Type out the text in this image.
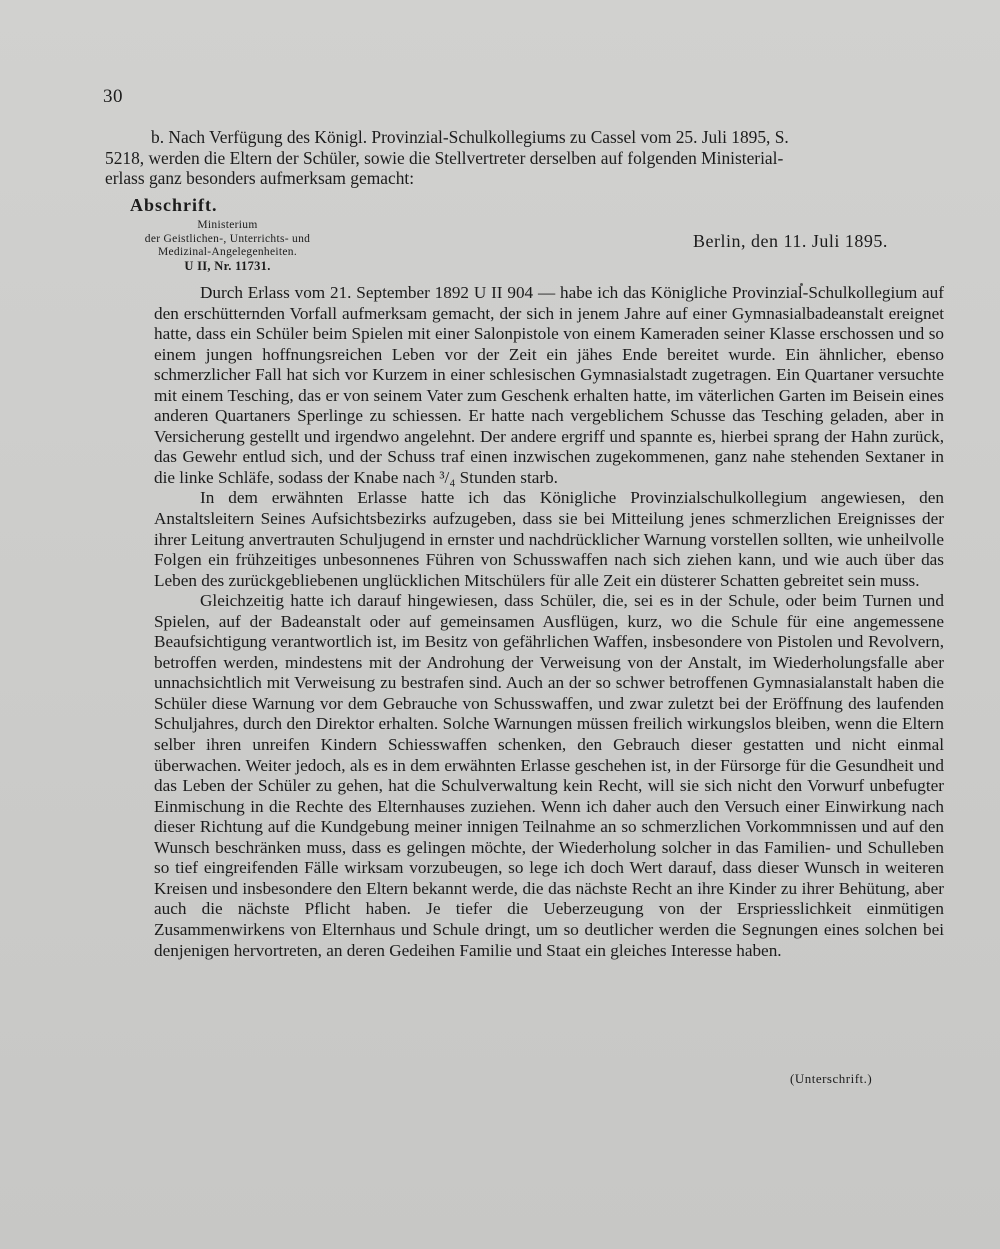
30
b. Nach Verfügung des Königl. Provinzial-Schulkollegiums zu Cassel vom 25. Juli 1895, S.
5218, werden die Eltern der Schüler, sowie die Stellvertreter derselben auf folgenden Ministerial-
erlass ganz besonders aufmerksam gemacht:
Abschrift.
Ministerium
der Geistlichen-, Unterrichts- und
Medizinal-Angelegenheiten.
U II, Nr. 11731.
Berlin, den 11. Juli 1895.

Durch Erlass vom 21. September 1892 U II 904 — habe ich das Königliche Provinzial-Schulkollegium auf den erschütternden Vorfall aufmerksam gemacht, der sich in jenem Jahre auf einer Gymnasialbadeanstalt ereignet hatte, dass ein Schüler beim Spielen mit einer Salonpistole von einem Kameraden seiner Klasse erschossen und so einem jungen hoffnungsreichen Leben vor der Zeit ein jähes Ende bereitet wurde. Ein ähnlicher, ebenso schmerzlicher Fall hat sich vor Kurzem in einer schlesischen Gymnasialstadt zugetragen. Ein Quartaner versuchte mit einem Tesching, das er von seinem Vater zum Geschenk erhalten hatte, im väterlichen Garten im Beisein eines anderen Quartaners Sperlinge zu schiessen. Er hatte nach vergeblichem Schusse das Tesching geladen, aber in Versicherung gestellt und irgendwo angelehnt. Der andere ergriff und spannte es, hierbei sprang der Hahn zurück, das Gewehr entlud sich, und der Schuss traf einen inzwischen zugekommenen, ganz nahe stehenden Sextaner in die linke Schläfe, sodass der Knabe nach ³/₄ Stunden starb.

In dem erwähnten Erlasse hatte ich das Königliche Provinzialschulkollegium angewiesen, den Anstaltsleitern Seines Aufsichtsbezirks aufzugeben, dass sie bei Mitteilung jenes schmerzlichen Ereignisses der ihrer Leitung anvertrauten Schuljugend in ernster und nachdrücklicher Warnung vorstellen sollten, wie unheilvolle Folgen ein frühzeitiges unbesonnenes Führen von Schusswaffen nach sich ziehen kann, und wie auch über das Leben des zurückgebliebenen unglücklichen Mitschülers für alle Zeit ein düsterer Schatten gebreitet sein muss.

Gleichzeitig hatte ich darauf hingewiesen, dass Schüler, die, sei es in der Schule, oder beim Turnen und Spielen, auf der Badeanstalt oder auf gemeinsamen Ausflügen, kurz, wo die Schule für eine angemessene Beaufsichtigung verantwortlich ist, im Besitz von gefährlichen Waffen, insbesondere von Pistolen und Revolvern, betroffen werden, mindestens mit der Androhung der Verweisung von der Anstalt, im Wiederholungsfalle aber unnachsichtlich mit Verweisung zu bestrafen sind. Auch an der so schwer betroffenen Gymnasialanstalt haben die Schüler diese Warnung vor dem Gebrauche von Schusswaffen, und zwar zuletzt bei der Eröffnung des laufenden Schuljahres, durch den Direktor erhalten. Solche Warnungen müssen freilich wirkungslos bleiben, wenn die Eltern selber ihren unreifen Kindern Schiesswaffen schenken, den Gebrauch dieser gestatten und nicht einmal überwachen. Weiter jedoch, als es in dem erwähnten Erlasse geschehen ist, in der Fürsorge für die Gesundheit und das Leben der Schüler zu gehen, hat die Schulverwaltung kein Recht, will sie sich nicht den Vorwurf unbefugter Einmischung in die Rechte des Elternhauses zuziehen. Wenn ich daher auch den Versuch einer Einwirkung nach dieser Richtung auf die Kundgebung meiner innigen Teilnahme an so schmerzlichen Vorkommnissen und auf den Wunsch beschränken muss, dass es gelingen möchte, der Wiederholung solcher in das Familien- und Schulleben so tief eingreifenden Fälle wirksam vorzubeugen, so lege ich doch Wert darauf, dass dieser Wunsch in weiteren Kreisen und insbesondere den Eltern bekannt werde, die das nächste Recht an ihre Kinder zu ihrer Behütung, aber auch die nächste Pflicht haben. Je tiefer die Ueberzeugung von der Erspriesslichkeit einmütigen Zusammenwirkens von Elternhaus und Schule dringt, um so deutlicher werden die Segnungen eines solchen bei denjenigen hervortreten, an deren Gedeihen Familie und Staat ein gleiches Interesse haben.

(Unterschrift.)
